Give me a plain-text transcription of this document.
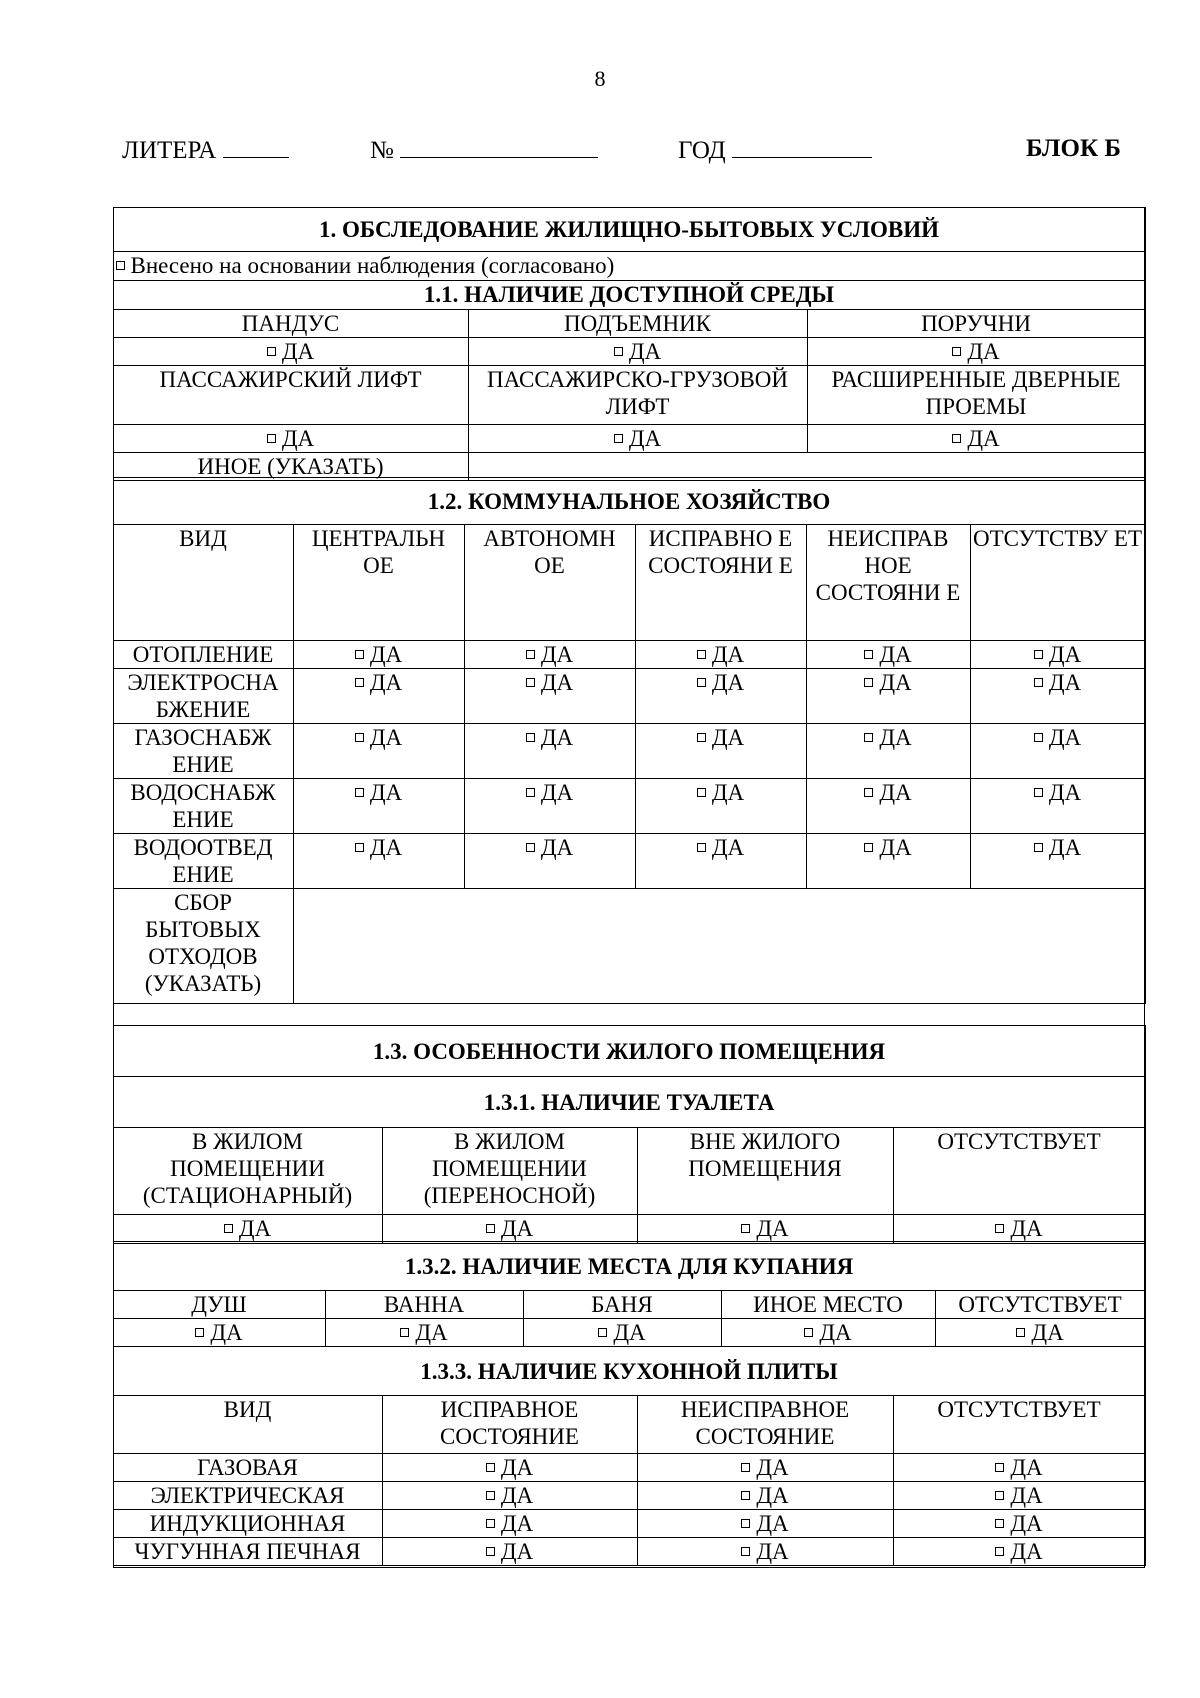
8
ЛИТЕРА	№	ГОД	БЛОК Б
1. ОБСЛЕДОВАНИЕ ЖИЛИЩНО-БЫТОВЫХ УСЛОВИЙ		
Внесено на основании наблюдения (согласовано)		
1.1. НАЛИЧИЕ ДОСТУПНОЙ СРЕДЫ		
ПАНДУС	ПОДЪЕМНИК	ПОРУЧНИ
ДА	ДА	ДА
ПАССАЖИРСКИЙ ЛИФТ	ПАССАЖИРСКО-ГРУЗОВОЙ ЛИФТ	РАСШИРЕННЫЕ ДВЕРНЫЕ ПРОЕМЫ
ДА	ДА	ДА
ИНОЕ (УКАЗАТЬ)		
1.2. КОММУНАЛЬНОЕ ХОЗЯЙСТВО					
ВИД	ЦЕНТРАЛЬН ОЕ	АВТОНОМН ОЕ	ИСПРАВНО Е СОСТОЯНИ Е	НЕИСПРАВ НОЕ СОСТОЯНИ Е	ОТСУТСТВУ ЕТ
ОТОПЛЕНИЕ	ДА	ДА	ДА	ДА	ДА
ЭЛЕКТРОСНА БЖЕНИЕ	ДА	ДА	ДА	ДА	ДА
ГАЗОСНАБЖ ЕНИЕ	ДА	ДА	ДА	ДА	ДА
ВОДОСНАБЖ ЕНИЕ	ДА	ДА	ДА	ДА	ДА
ВОДООТВЕД ЕНИЕ	ДА	ДА	ДА	ДА	ДА
СБОР БЫТОВЫХ ОТХОДОВ (УКАЗАТЬ)					
1.3. ОСОБЕННОСТИ ЖИЛОГО ПОМЕЩЕНИЯ			
1.3.1. НАЛИЧИЕ ТУАЛЕТА			
В ЖИЛОМ ПОМЕЩЕНИИ (СТАЦИОНАРНЫЙ)	В ЖИЛОМ ПОМЕЩЕНИИ (ПЕРЕНОСНОЙ)	ВНЕ ЖИЛОГО ПОМЕЩЕНИЯ	ОТСУТСТВУЕТ
ДА	ДА	ДА	ДА
1.3.2. НАЛИЧИЕ МЕСТА ДЛЯ КУПАНИЯ				
ДУШ	ВАННА	БАНЯ	ИНОЕ МЕСТО	ОТСУТСТВУЕТ
ДА	ДА	ДА	ДА	ДА
1.3.3. НАЛИЧИЕ КУХОННОЙ ПЛИТЫ			
ВИД	ИСПРАВНОЕ СОСТОЯНИЕ	НЕИСПРАВНОЕ СОСТОЯНИЕ	ОТСУТСТВУЕТ
ГАЗОВАЯ	ДА	ДА	ДА
ЭЛЕКТРИЧЕСКАЯ	ДА	ДА	ДА
ИНДУКЦИОННАЯ	ДА	ДА	ДА
ЧУГУННАЯ ПЕЧНАЯ	ДА	ДА	ДА
